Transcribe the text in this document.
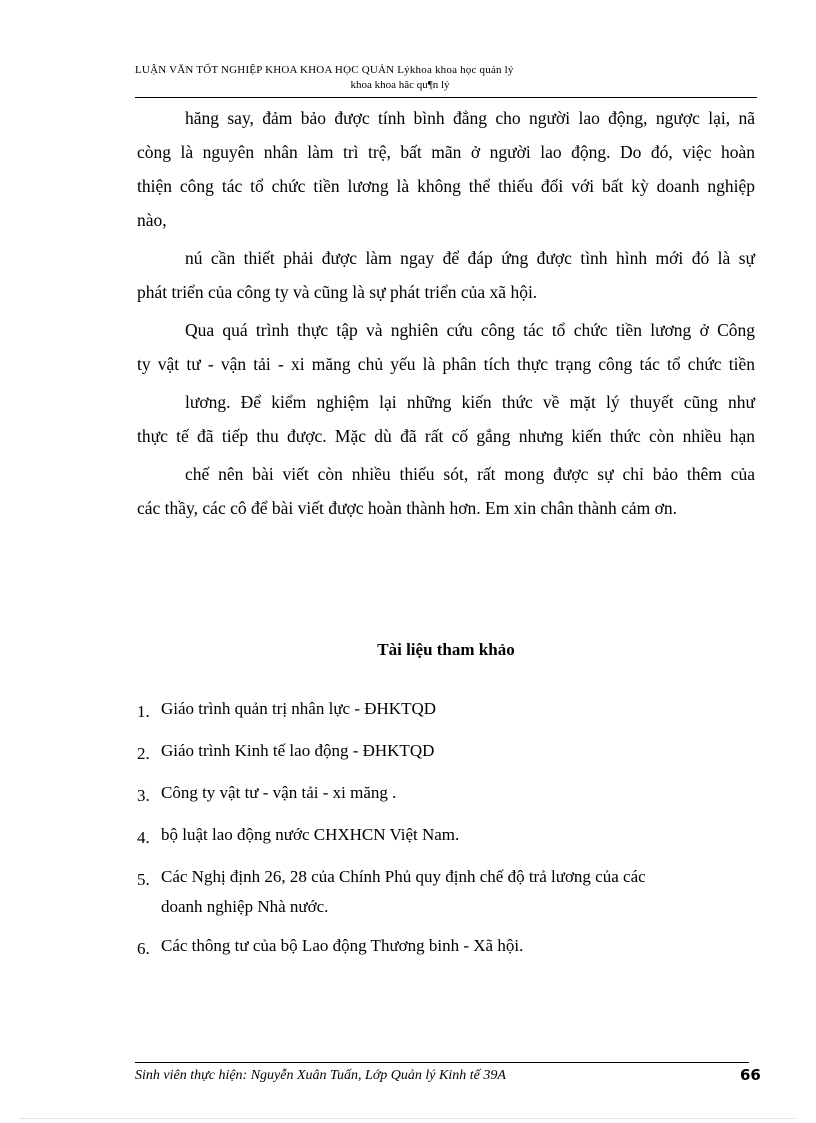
LUẬN VĂN TỐT NGHIỆP KHOA KHOA HỌC QUẢN Lýkhoa khoa học quản lý
khoa khoa hăc qu¶n lý

hăng say, đảm bảo được tính bình đẳng cho người lao động, ngược lại, nã

còng là nguyên nhân làm trì trệ, bất mãn ở người lao động. Do đó, việc hoàn

thiện công tác tổ chức tiền lương là không thể thiếu đối với bất kỳ doanh nghiệp

nào,

nú cần thiết phải được làm ngay để đáp ứng được tình hình mới đó là sự

phát triển của công ty và cũng là sự phát triển của xã hội.

Qua quá trình thực tập và nghiên cứu công tác tổ chức tiền lương ở Công

ty vật tư - vận tải - xi măng chủ yếu là phân tích thực trạng công tác tổ chức tiền

lương. Để kiểm nghiệm lại những kiến thức về mặt lý thuyết cũng như

thực tế đã tiếp thu được. Mặc dù đã rất cố gắng nhưng kiến thức còn nhiều hạn

chế nên bài viết còn nhiều thiếu sót, rất mong được sự chỉ bảo thêm của

các thầy, các cô để bài viết được hoàn thành hơn. Em xin chân thành cảm ơn.

Tài liệu tham khảo
1. Giáo trình quản trị nhân lực - ĐHKTQD
2. Giáo trình Kinh tế lao động - ĐHKTQD
3. Công ty vật tư - vận tải - xi măng .
4. bộ luật lao động nước CHXHCN Việt Nam.
5. Các Nghị định 26, 28 của Chính Phủ quy định chế độ trả lương của các
doanh nghiệp Nhà nước.
6. Các thông tư của bộ Lao động Thương binh - Xã hội.
Sinh viên thực hiện: Nguyễn Xuân Tuấn, Lớp Quản lý Kinh tế 39A	66
